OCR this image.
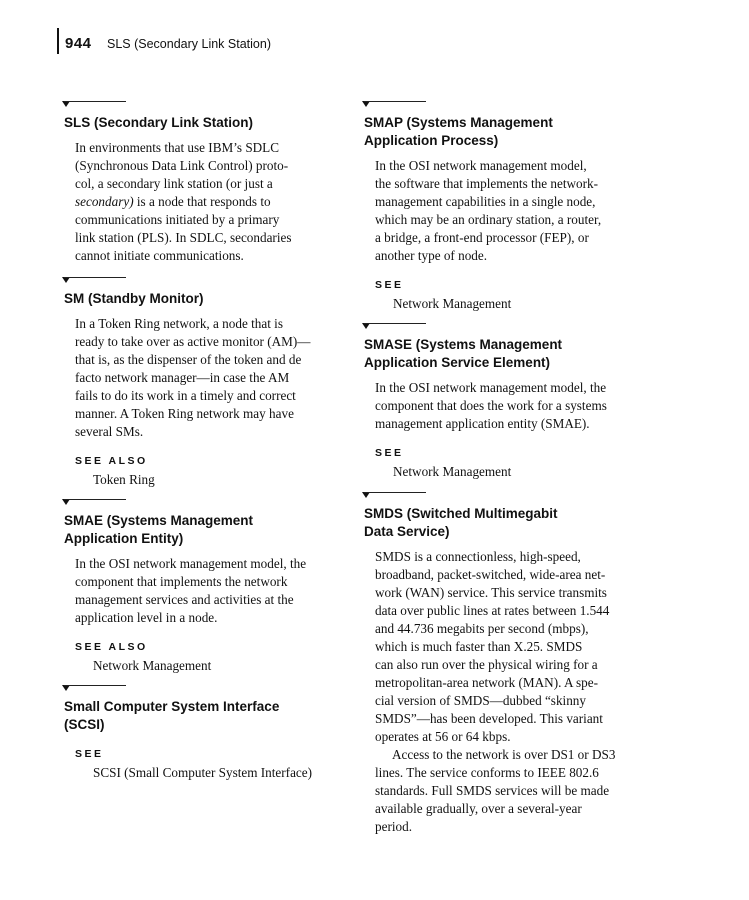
944 SLS (Secondary Link Station)
SLS (Secondary Link Station)
In environments that use IBM’s SDLC
(Synchronous Data Link Control) proto-
col, a secondary link station (or just a
secondary) is a node that responds to
communications initiated by a primary
link station (PLS). In SDLC, secondaries
cannot initiate communications.
SM (Standby Monitor)
In a Token Ring network, a node that is
ready to take over as active monitor (AM)—
that is, as the dispenser of the token and de
facto network manager—in case the AM
fails to do its work in a timely and correct
manner. A Token Ring network may have
several SMs.
SEE ALSO
Token Ring
SMAE (Systems Management
Application Entity)
In the OSI network management model, the
component that implements the network
management services and activities at the
application level in a node.
SEE ALSO
Network Management
Small Computer System Interface
(SCSI)
SEE
SCSI (Small Computer System Interface)
SMAP (Systems Management
Application Process)
In the OSI network management model,
the software that implements the network-
management capabilities in a single node,
which may be an ordinary station, a router,
a bridge, a front-end processor (FEP), or
another type of node.
SEE
Network Management
SMASE (Systems Management
Application Service Element)
In the OSI network management model, the
component that does the work for a systems
management application entity (SMAE).
SEE
Network Management
SMDS (Switched Multimegabit
Data Service)

SMDS is a connectionless, high-speed,
broadband, packet-switched, wide-area net-
work (WAN) service. This service transmits
data over public lines at rates between 1.544
and 44.736 megabits per second (mbps),
which is much faster than X.25. SMDS
can also run over the physical wiring for a
metropolitan-area network (MAN). A spe-
cial version of SMDS—dubbed “skinny
SMDS”—has been developed. This variant
operates at 56 or 64 kbps.

Access to the network is over DS1 or DS3
lines. The service conforms to IEEE 802.6
standards. Full SMDS services will be made
available gradually, over a several-year
period.
